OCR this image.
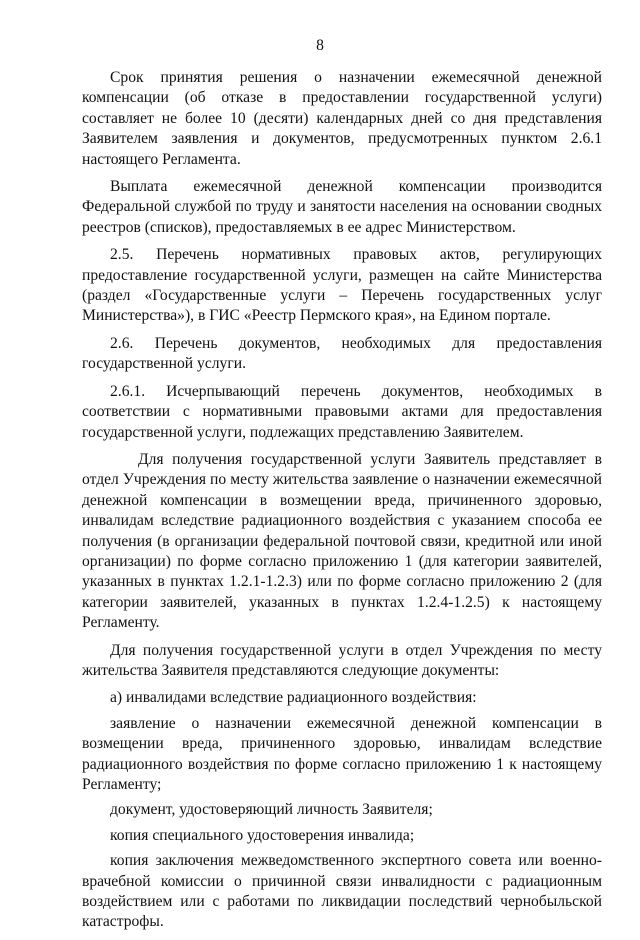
8

Срок принятия решения о назначении ежемесячной денежной компенсации (об отказе в предоставлении государственной услуги) составляет не более 10 (десяти) календарных дней со дня представления Заявителем заявления и документов, предусмотренных пунктом 2.6.1 настоящего Регламента.

Выплата ежемесячной денежной компенсации производится Федеральной службой по труду и занятости населения на основании сводных реестров (списков), предоставляемых в ее адрес Министерством.

2.5. Перечень нормативных правовых актов, регулирующих предоставление государственной услуги, размещен на сайте Министерства (раздел «Государственные услуги – Перечень государственных услуг Министерства»), в ГИС «Реестр Пермского края», на Едином портале.

2.6. Перечень документов, необходимых для предоставления государственной услуги.

2.6.1. Исчерпывающий перечень документов, необходимых в соответствии с нормативными правовыми актами для предоставления государственной услуги, подлежащих представлению Заявителем.

Для получения государственной услуги Заявитель представляет в отдел Учреждения по месту жительства заявление о назначении ежемесячной денежной компенсации в возмещении вреда, причиненного здоровью, инвалидам вследствие радиационного воздействия с указанием способа ее получения (в организации федеральной почтовой связи, кредитной или иной организации) по форме согласно приложению 1 (для категории заявителей, указанных в пунктах 1.2.1-1.2.3) или по форме согласно приложению 2 (для категории заявителей, указанных в пунктах 1.2.4-1.2.5) к настоящему Регламенту.

Для получения государственной услуги в отдел Учреждения по месту жительства Заявителя представляются следующие документы:

а) инвалидами вследствие радиационного воздействия:

заявление о назначении ежемесячной денежной компенсации в возмещении вреда, причиненного здоровью, инвалидам вследствие радиационного воздействия по форме согласно приложению 1 к настоящему Регламенту;

документ, удостоверяющий личность Заявителя;

копия специального удостоверения инвалида;

копия заключения межведомственного экспертного совета или военно-врачебной комиссии о причинной связи инвалидности с радиационным воздействием или с работами по ликвидации последствий чернобыльской катастрофы.
